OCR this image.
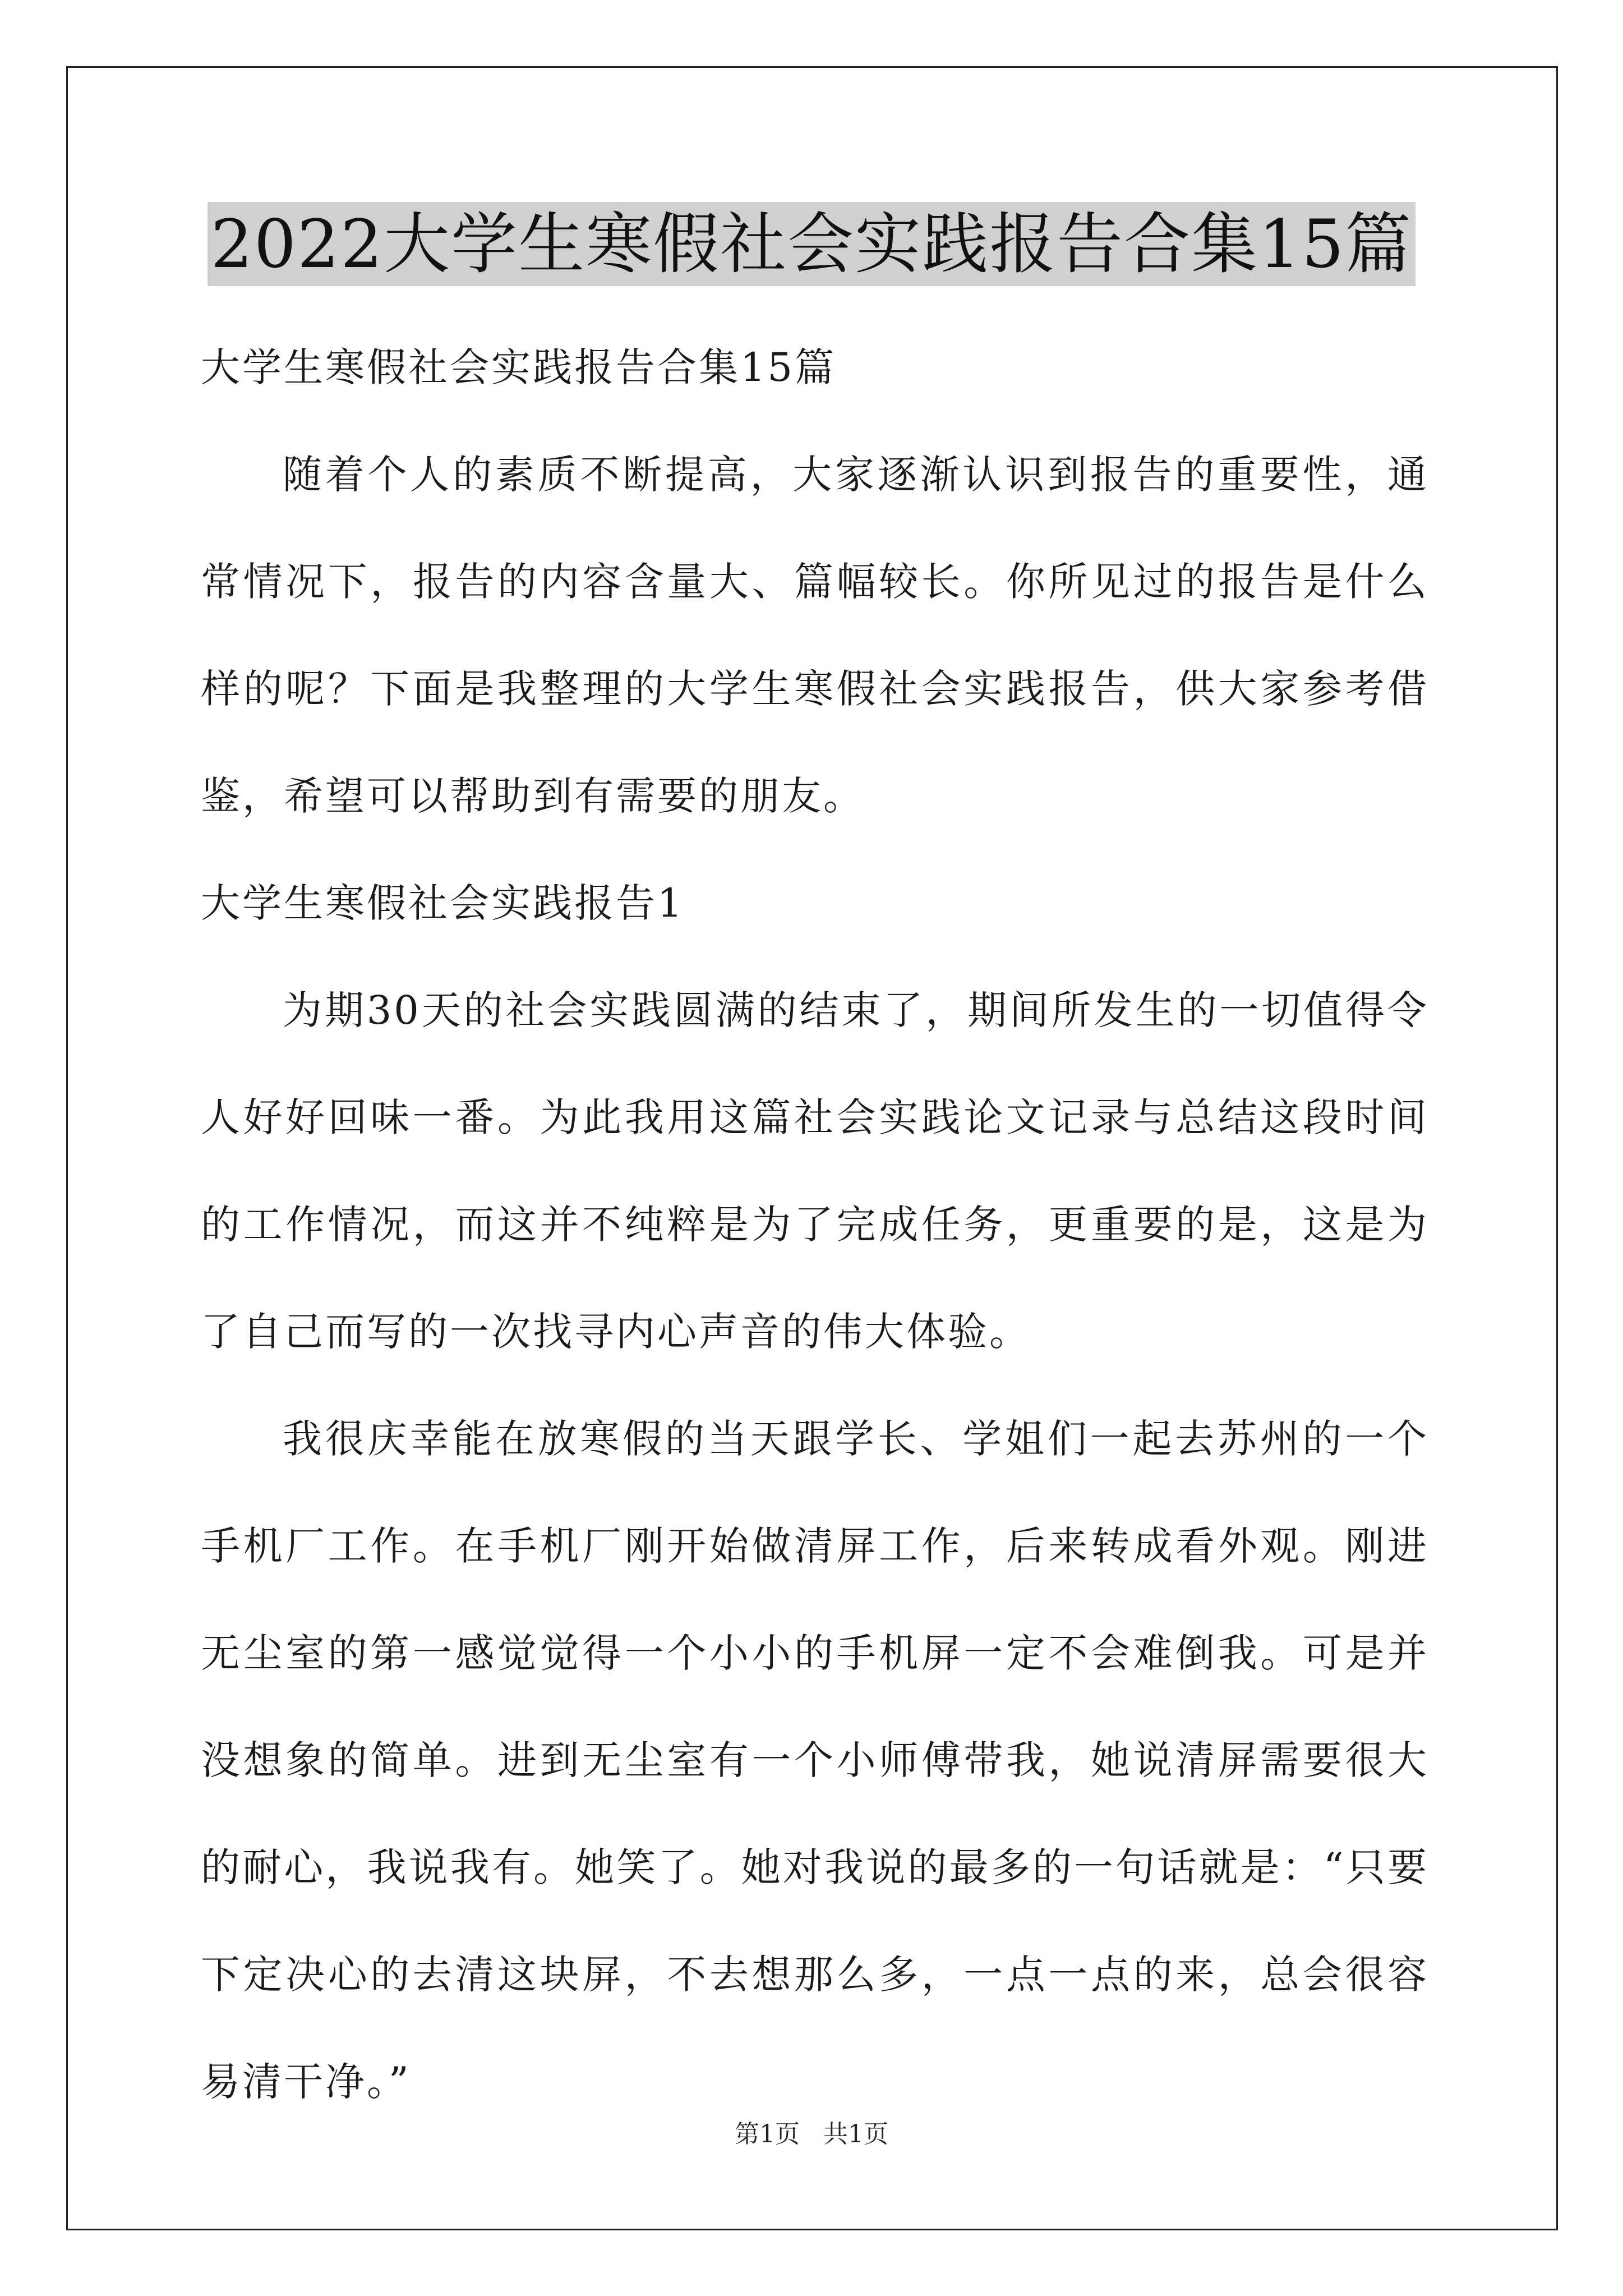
2022大学生寒假社会实践报告合集15篇
大学生寒假社会实践报告合集15篇
随着个人的素质不断提高，大家逐渐认识到报告的重要性，通常情况下，报告的内容含量大、篇幅较长。你所见过的报告是什么样的呢？下面是我整理的大学生寒假社会实践报告，供大家参考借鉴，希望可以帮助到有需要的朋友。
大学生寒假社会实践报告1
为期30天的社会实践圆满的结束了，期间所发生的一切值得令人好好回味一番。为此我用这篇社会实践论文记录与总结这段时间的工作情况，而这并不纯粹是为了完成任务，更重要的是，这是为了自己而写的一次找寻内心声音的伟大体验。
我很庆幸能在放寒假的当天跟学长、学姐们一起去苏州的一个手机厂工作。在手机厂刚开始做清屏工作，后来转成看外观。刚进无尘室的第一感觉觉得一个小小的手机屏一定不会难倒我。可是并没想象的简单。进到无尘室有一个小师傅带我，她说清屏需要很大的耐心，我说我有。她笑了。她对我说的最多的一句话就是：“只要下定决心的去清这块屏，不去想那么多，一点一点的来，总会很容易清干净。”
第1页 共1页
